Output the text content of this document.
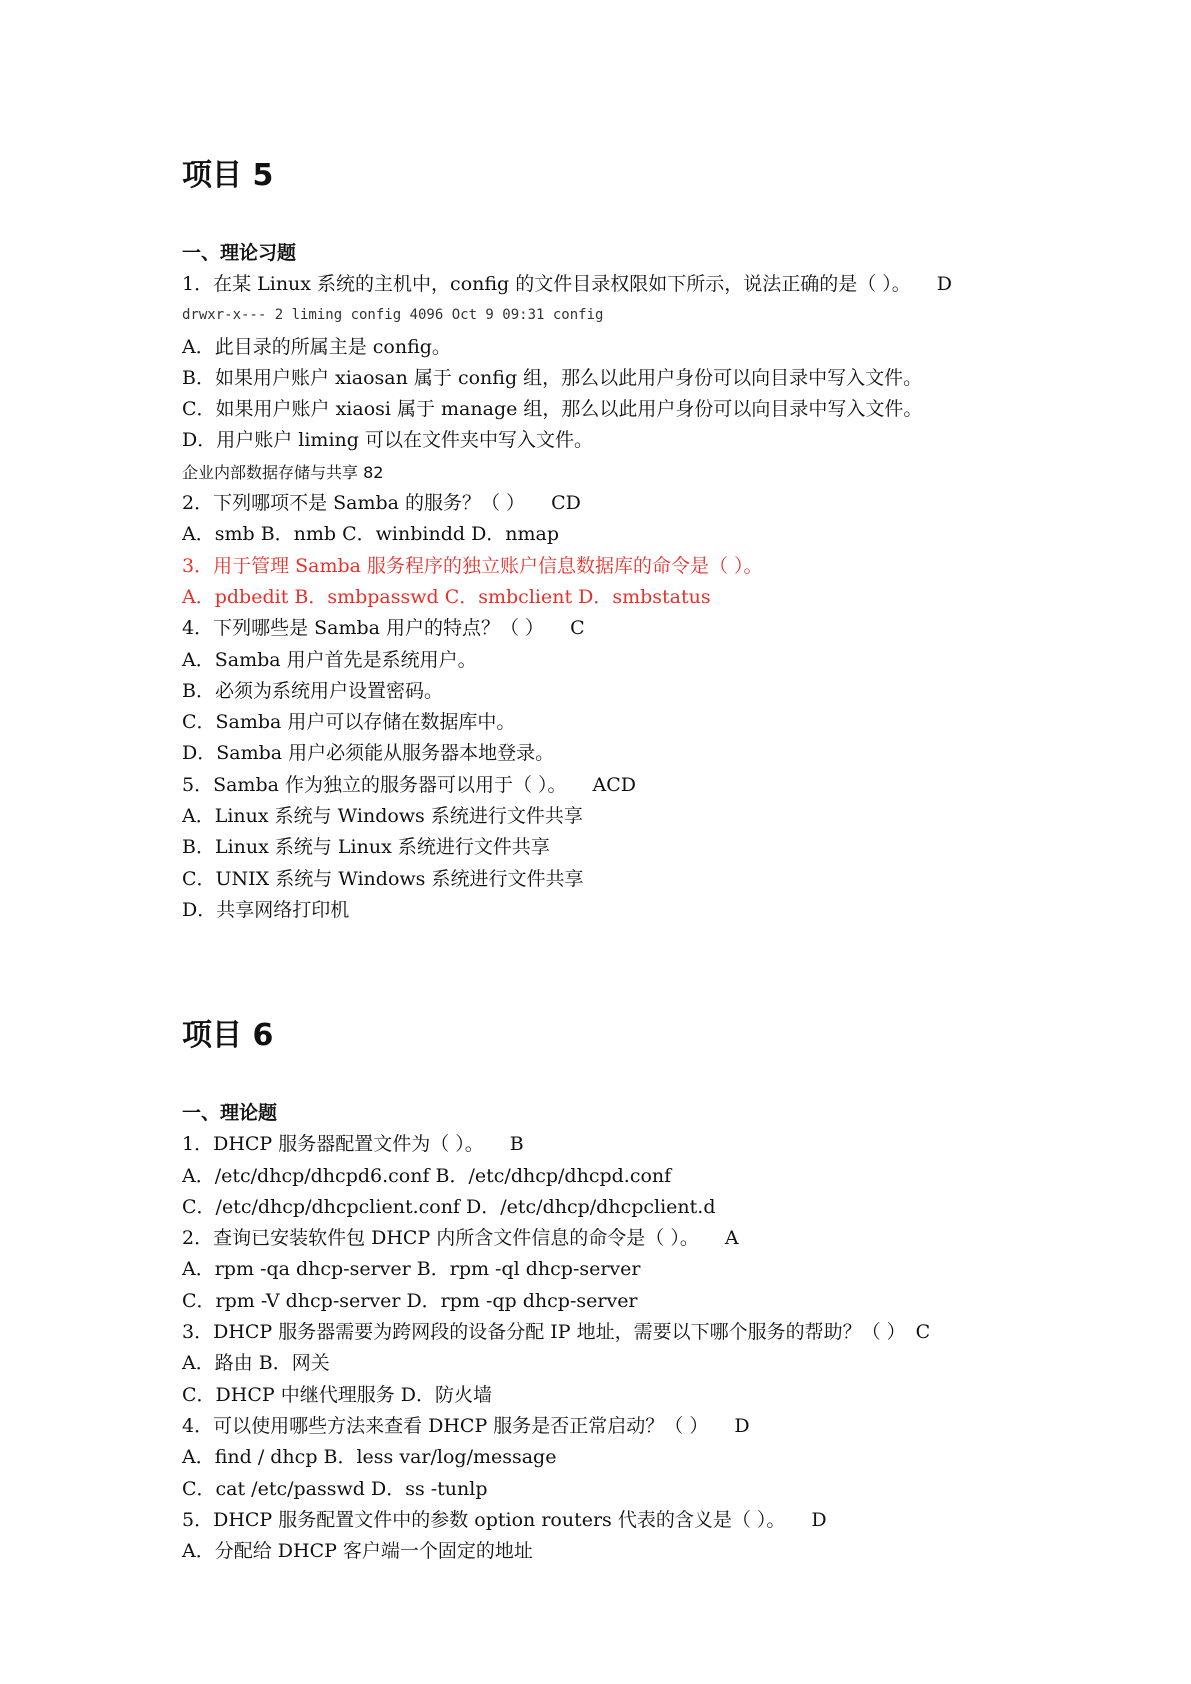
项目 5
一、理论习题
1．在某 Linux 系统的主机中，config 的文件目录权限如下所示，说法正确的是（ ）。 D
drwxr-x--- 2 liming config 4096 Oct 9 09:31 config
A．此目录的所属主是 config。
B．如果用户账户 xiaosan 属于 config 组，那么以此用户身份可以向目录中写入文件。
C．如果用户账户 xiaosi 属于 manage 组，那么以此用户身份可以向目录中写入文件。
D．用户账户 liming 可以在文件夹中写入文件。
企业内部数据存储与共享 82
2．下列哪项不是 Samba 的服务？（ ） CD
A．smb B．nmb C．winbindd D．nmap
3．用于管理 Samba 服务程序的独立账户信息数据库的命令是（ ）。
A．pdbedit B．smbpasswd C．smbclient D．smbstatus
4．下列哪些是 Samba 用户的特点？（ ） C
A．Samba 用户首先是系统用户。
B．必须为系统用户设置密码。
C．Samba 用户可以存储在数据库中。
D．Samba 用户必须能从服务器本地登录。
5．Samba 作为独立的服务器可以用于（ ）。 ACD
A．Linux 系统与 Windows 系统进行文件共享
B．Linux 系统与 Linux 系统进行文件共享
C．UNIX 系统与 Windows 系统进行文件共享
D．共享网络打印机
项目 6
一、理论题
1．DHCP 服务器配置文件为（ ）。 B
A．/etc/dhcp/dhcpd6.conf B．/etc/dhcp/dhcpd.conf
C．/etc/dhcp/dhcpclient.conf D．/etc/dhcp/dhcpclient.d
2．查询已安装软件包 DHCP 内所含文件信息的命令是（ ）。 A
A．rpm -qa dhcp-server B．rpm -ql dhcp-server
C．rpm -V dhcp-server D．rpm -qp dhcp-server
3．DHCP 服务器需要为跨网段的设备分配 IP 地址，需要以下哪个服务的帮助？（ ） C
A．路由 B．网关
C．DHCP 中继代理服务 D．防火墙
4．可以使用哪些方法来查看 DHCP 服务是否正常启动？（ ） D
A．find / dhcp B．less var/log/message
C．cat /etc/passwd D．ss -tunlp
5．DHCP 服务配置文件中的参数 option routers 代表的含义是（ ）。 D
A．分配给 DHCP 客户端一个固定的地址
